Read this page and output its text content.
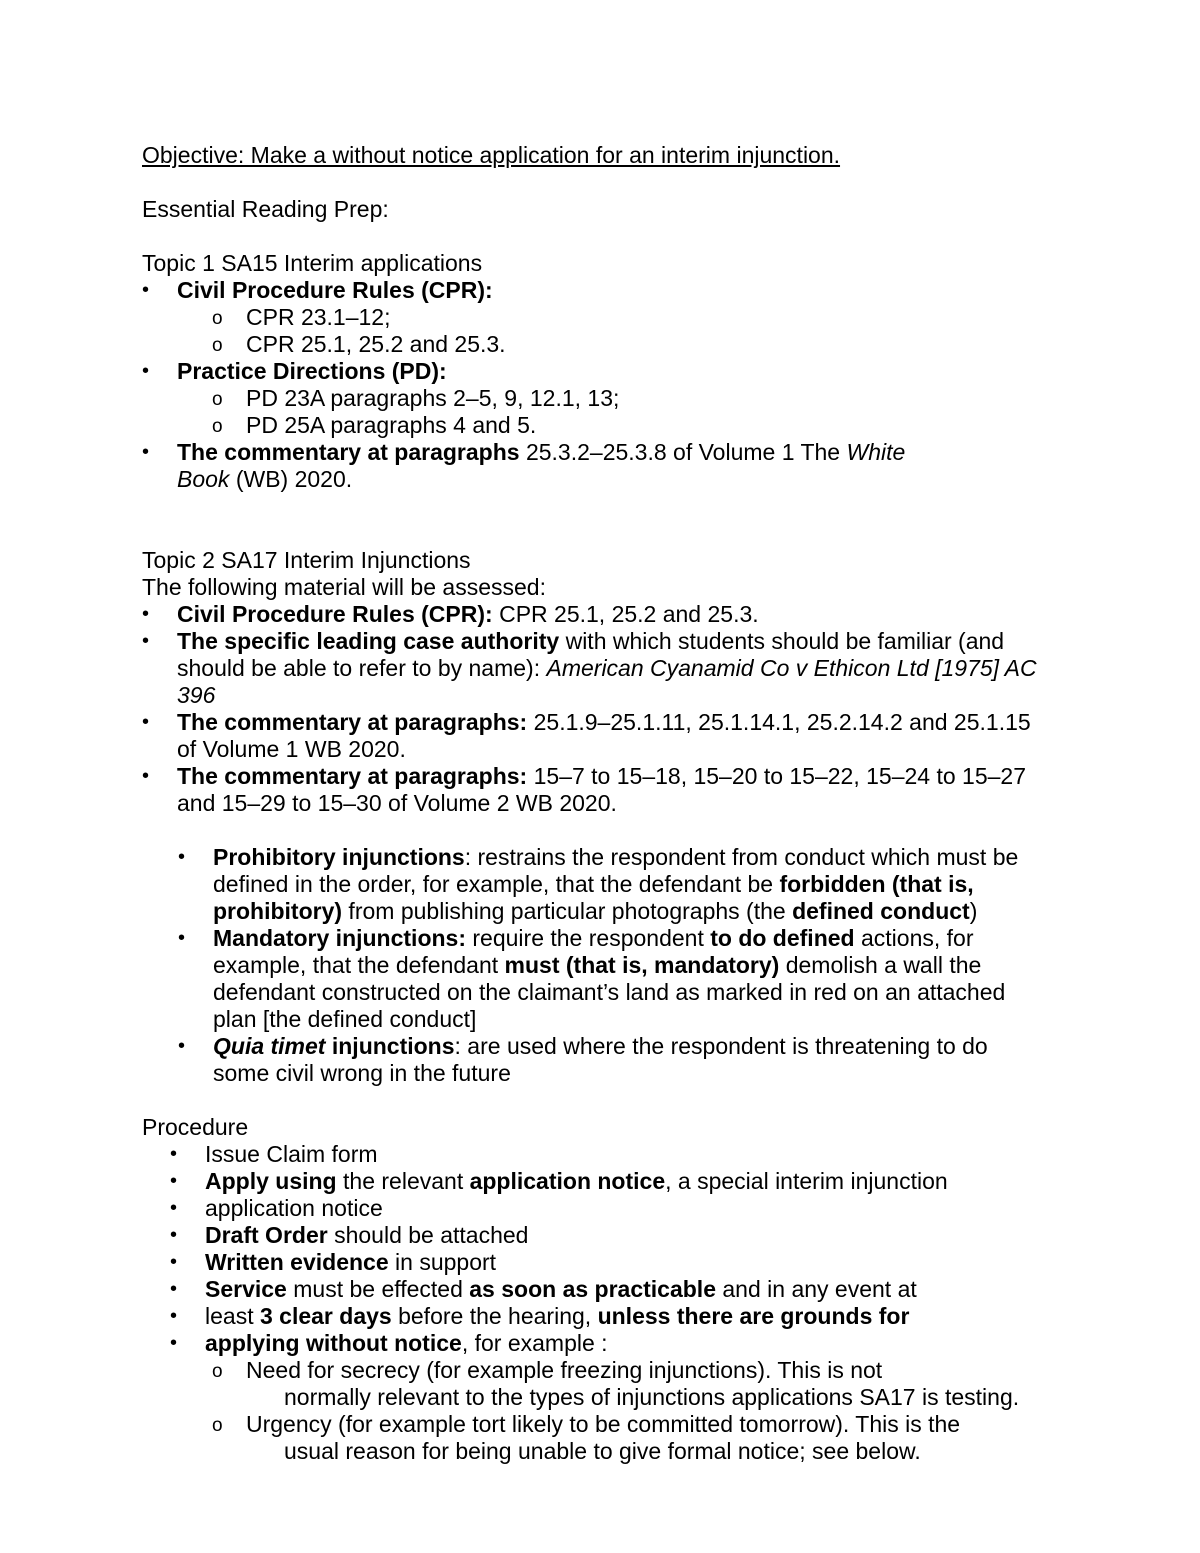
Objective: Make a without notice application for an interim injunction.

Essential Reading Prep:

Topic 1 SA15 Interim applications

• Civil Procedure Rules (CPR):
o CPR 23.1–12;
o CPR 25.1, 25.2 and 25.3.
• Practice Directions (PD):
o PD 23A paragraphs 2–5, 9, 12.1, 13;
o PD 25A paragraphs 4 and 5.
• The commentary at paragraphs 25.3.2–25.3.8 of Volume 1 The White Book (WB) 2020.

Topic 2 SA17 Interim Injunctions

The following material will be assessed:

• Civil Procedure Rules (CPR): CPR 25.1, 25.2 and 25.3.
• The specific leading case authority with which students should be familiar (and should be able to refer to by name): American Cyanamid Co v Ethicon Ltd [1975] AC 396
• The commentary at paragraphs: 25.1.9–25.1.11, 25.1.14.1, 25.2.14.2 and 25.1.15 of Volume 1 WB 2020.
• The commentary at paragraphs: 15–7 to 15–18, 15–20 to 15–22, 15–24 to 15–27 and 15–29 to 15–30 of Volume 2 WB 2020.
• Prohibitory injunctions: restrains the respondent from conduct which must be defined in the order, for example, that the defendant be forbidden (that is, prohibitory) from publishing particular photographs (the defined conduct)
• Mandatory injunctions: require the respondent to do defined actions, for example, that the defendant must (that is, mandatory) demolish a wall the defendant constructed on the claimant’s land as marked in red on an attached plan [the defined conduct]
• Quia timet injunctions: are used where the respondent is threatening to do some civil wrong in the future

Procedure

• Issue Claim form
• Apply using the relevant application notice, a special interim injunction
• application notice
• Draft Order should be attached
• Written evidence in support
• Service must be effected as soon as practicable and in any event at
• least 3 clear days before the hearing, unless there are grounds for
• applying without notice, for example :
o Need for secrecy (for example freezing injunctions). This is not
normally relevant to the types of injunctions applications SA17 is testing.
o Urgency (for example tort likely to be committed tomorrow). This is the
usual reason for being unable to give formal notice; see below.
